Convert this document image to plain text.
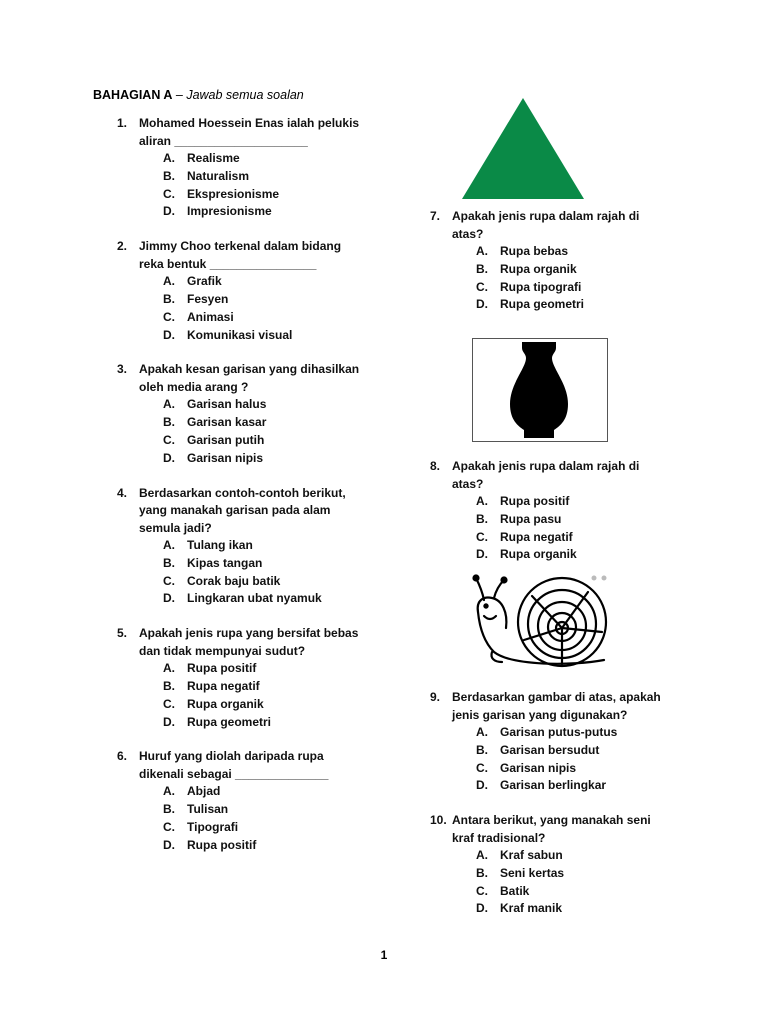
BAHAGIAN A – Jawab semua soalan
1. Mohamed Hoessein Enas ialah pelukis
aliran ____________________
A. Realisme
B. Naturalism
C. Ekspresionisme
D. Impresionisme
2. Jimmy Choo terkenal dalam bidang
reka bentuk ________________
A. Grafik
B. Fesyen
C. Animasi
D. Komunikasi visual
3. Apakah kesan garisan yang dihasilkan
oleh media arang ?
A. Garisan halus
B. Garisan kasar
C. Garisan putih
D. Garisan nipis
4. Berdasarkan contoh-contoh berikut,
yang manakah garisan pada alam
semula jadi?
A. Tulang ikan
B. Kipas tangan
C. Corak baju batik
D. Lingkaran ubat nyamuk
5. Apakah jenis rupa yang bersifat bebas
dan tidak mempunyai sudut?
A. Rupa positif
B. Rupa negatif
C. Rupa organik
D. Rupa geometri
6. Huruf yang diolah daripada rupa
dikenali sebagai ______________
A. Abjad
B. Tulisan
C. Tipografi
D. Rupa positif
7. Apakah jenis rupa dalam rajah di
atas?
A. Rupa bebas
B. Rupa organik
C. Rupa tipografi
D. Rupa geometri
8. Apakah jenis rupa dalam rajah di
atas?
A. Rupa positif
B. Rupa pasu
C. Rupa negatif
D. Rupa organik
9. Berdasarkan gambar di atas, apakah
jenis garisan yang digunakan?
A. Garisan putus-putus
B. Garisan bersudut
C. Garisan nipis
D. Garisan berlingkar
10. Antara berikut, yang manakah seni
kraf tradisional?
A. Kraf sabun
B. Seni kertas
C. Batik
D. Kraf manik
1
